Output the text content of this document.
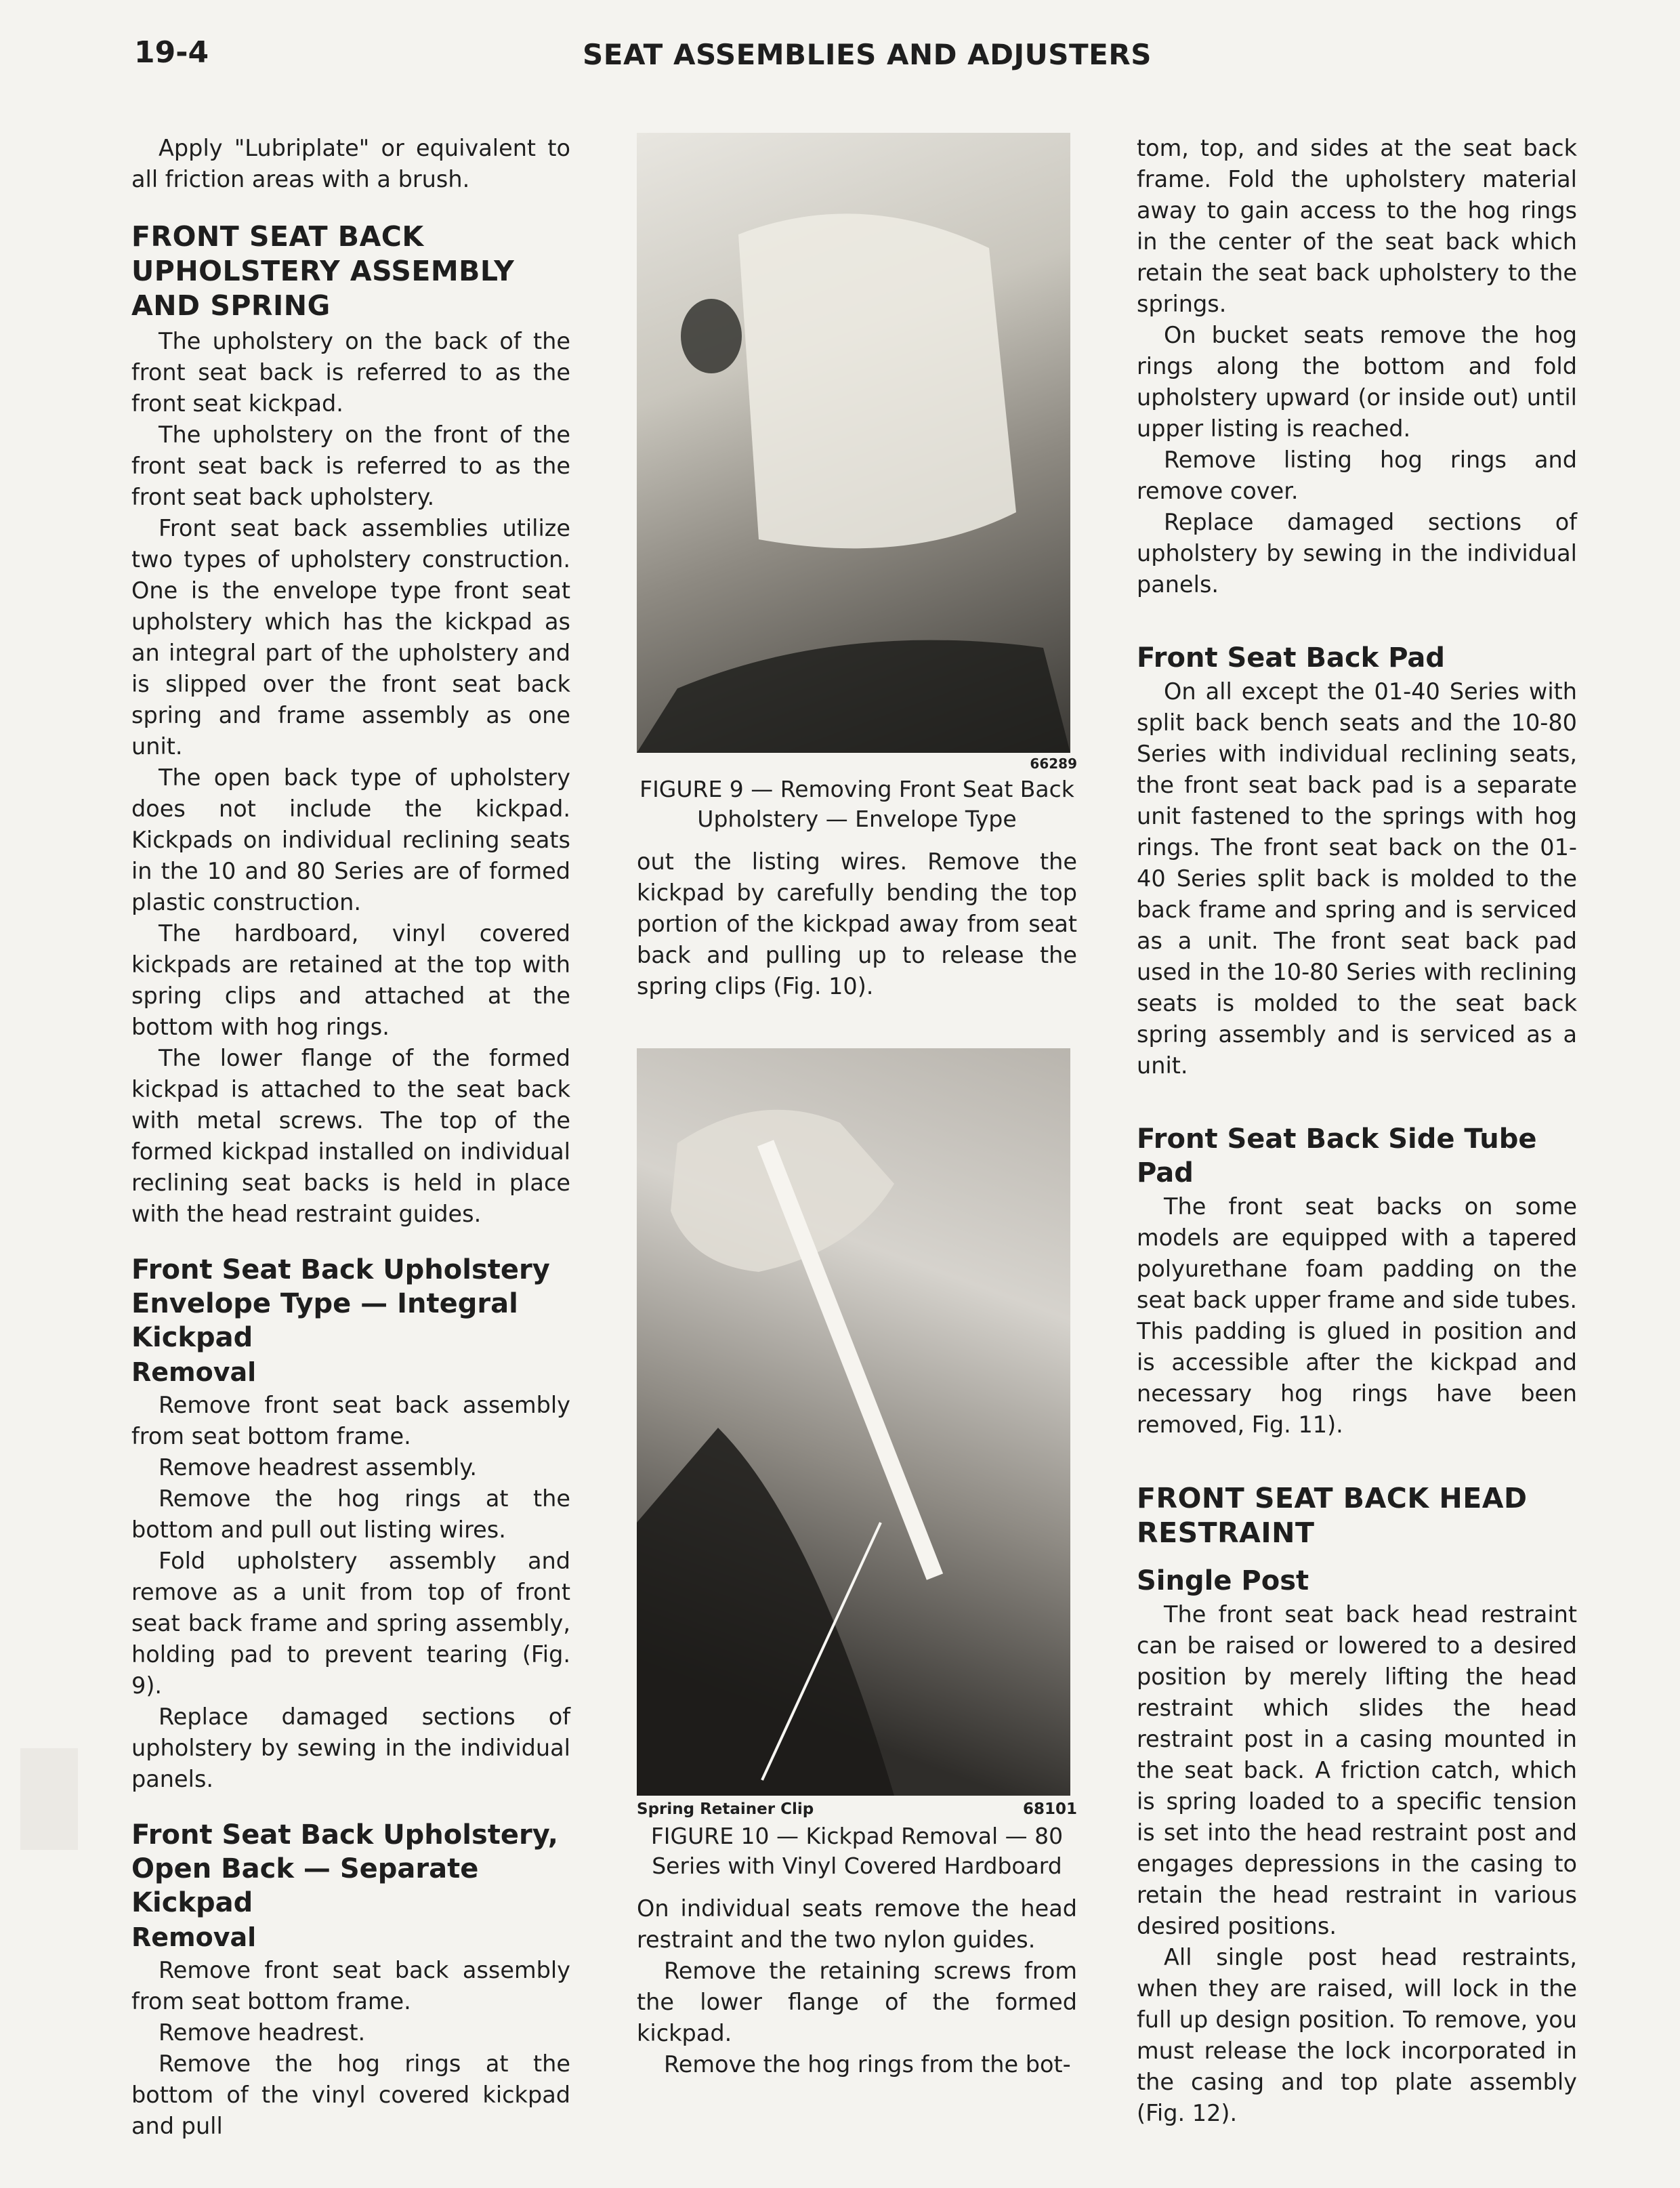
19-4	SEAT ASSEMBLIES AND ADJUSTERS

Apply "Lubriplate" or equivalent to all friction areas with a brush.

FRONT SEAT BACK UPHOLSTERY ASSEMBLY AND SPRING

The upholstery on the back of the front seat back is referred to as the front seat kickpad.

The upholstery on the front of the front seat back is referred to as the front seat back upholstery.

Front seat back assemblies utilize two types of upholstery construction. One is the envelope type front seat upholstery which has the kickpad as an integral part of the upholstery and is slipped over the front seat back spring and frame assembly as one unit.

The open back type of upholstery does not include the kickpad. Kickpads on individual reclining seats in the 10 and 80 Series are of formed plastic construction.

The hardboard, vinyl covered kickpads are retained at the top with spring clips and attached at the bottom with hog rings.

The lower flange of the formed kickpad is attached to the seat back with metal screws. The top of the formed kickpad installed on individual reclining seat backs is held in place with the head restraint guides.

Front Seat Back Upholstery Envelope Type — Integral Kickpad
Removal

Remove front seat back assembly from seat bottom frame.

Remove headrest assembly.

Remove the hog rings at the bottom and pull out listing wires.

Fold upholstery assembly and remove as a unit from top of front seat back frame and spring assembly, holding pad to prevent tearing (Fig. 9).

Replace damaged sections of upholstery by sewing in the individual panels.

Front Seat Back Upholstery, Open Back — Separate Kickpad
Removal

Remove front seat back assembly from seat bottom frame.

Remove headrest.

Remove the hog rings at the bottom of the vinyl covered kickpad and pull

66289
FIGURE 9 — Removing Front Seat Back Upholstery — Envelope Type

out the listing wires. Remove the kickpad by carefully bending the top portion of the kickpad away from seat back and pulling up to release the spring clips (Fig. 10).

Spring Retainer Clip	68101
FIGURE 10 — Kickpad Removal — 80 Series with Vinyl Covered Hardboard

On individual seats remove the head restraint and the two nylon guides.

Remove the retaining screws from the lower flange of the formed kickpad.

Remove the hog rings from the bot-

tom, top, and sides at the seat back frame. Fold the upholstery material away to gain access to the hog rings in the center of the seat back which retain the seat back upholstery to the springs.

On bucket seats remove the hog rings along the bottom and fold upholstery upward (or inside out) until upper listing is reached.

Remove listing hog rings and remove cover.

Replace damaged sections of upholstery by sewing in the individual panels.

Front Seat Back Pad

On all except the 01-40 Series with split back bench seats and the 10-80 Series with individual reclining seats, the front seat back pad is a separate unit fastened to the springs with hog rings. The front seat back on the 01-40 Series split back is molded to the back frame and spring and is serviced as a unit. The front seat back pad used in the 10-80 Series with reclining seats is molded to the seat back spring assembly and is serviced as a unit.

Front Seat Back Side Tube Pad

The front seat backs on some models are equipped with a tapered polyurethane foam padding on the seat back upper frame and side tubes. This padding is glued in position and is accessible after the kickpad and necessary hog rings have been removed, Fig. 11).

FRONT SEAT BACK HEAD RESTRAINT
Single Post

The front seat back head restraint can be raised or lowered to a desired position by merely lifting the head restraint which slides the head restraint post in a casing mounted in the seat back. A friction catch, which is spring loaded to a specific tension is set into the head restraint post and engages depressions in the casing to retain the head restraint in various desired positions.

All single post head restraints, when they are raised, will lock in the full up design position. To remove, you must release the lock incorporated in the casing and top plate assembly (Fig. 12).
